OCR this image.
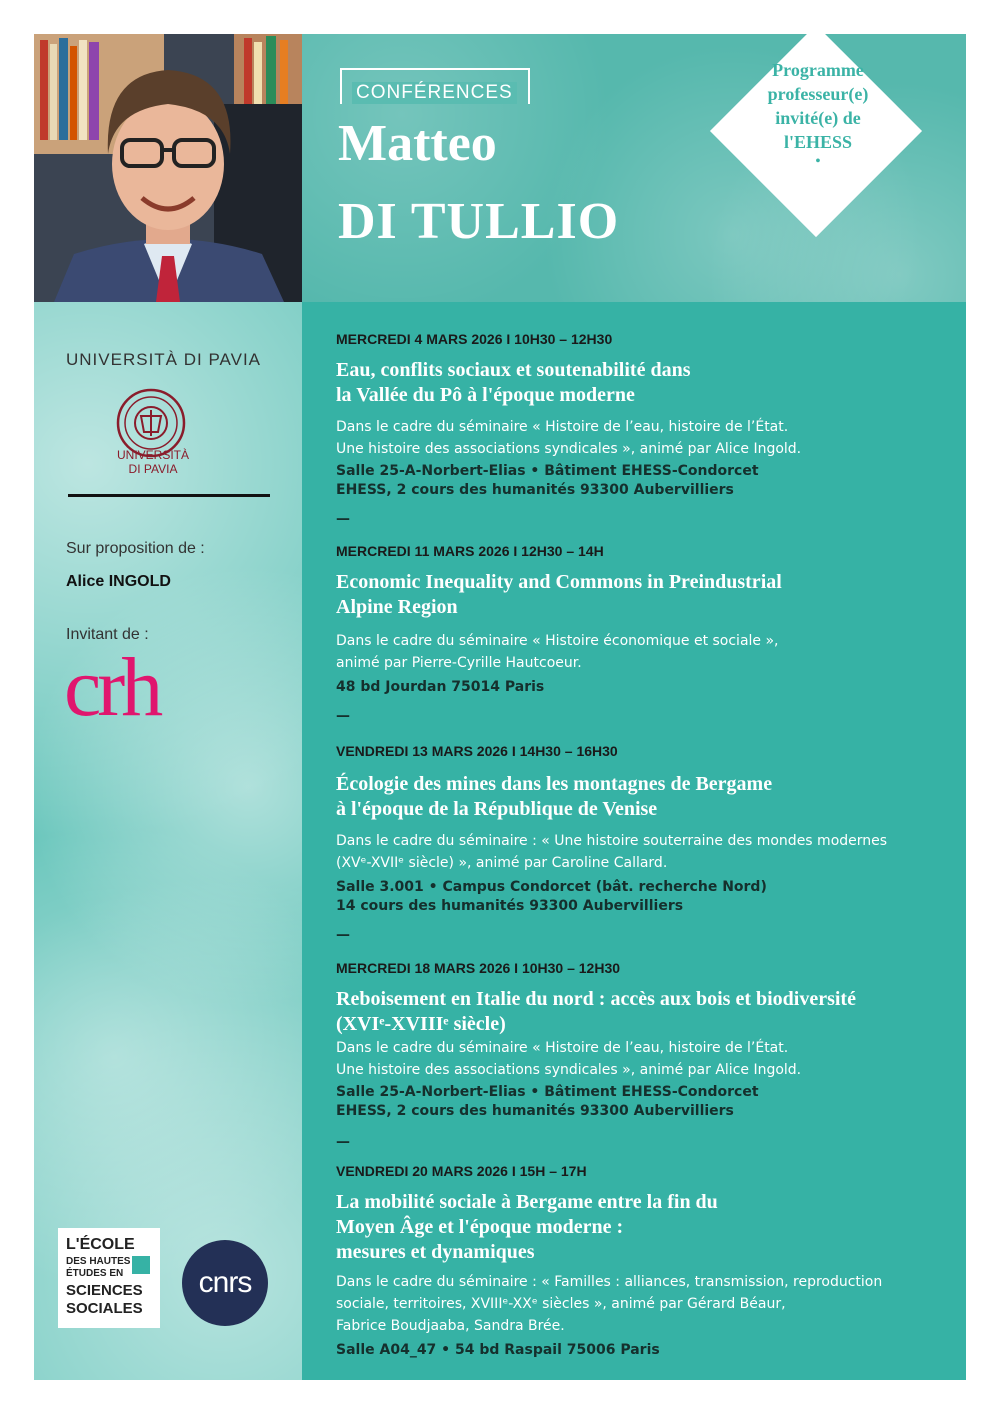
CONFÉRENCES
Matteo
DI TULLIO
Programme
professeur(e)
invité(e) de
l'EHESS
•
UNIVERSITÀ DI PAVIA
UNIVERSITÀ
DI PAVIA
Sur proposition de :
Alice INGOLD
Invitant de :
crh
L'ÉCOLE
DES HAUTES
ÉTUDES EN
SCIENCES
SOCIALES
cnrs

MERCREDI 4 MARS 2026 I 10H30 – 12H30

Eau, conflits sociaux et soutenabilité dans
la Vallée du Pô à l'époque moderne

Dans le cadre du séminaire « Histoire de l’eau, histoire de l’État.
Une histoire des associations syndicales », animé par Alice Ingold.

Salle 25-A-Norbert-Elias • Bâtiment EHESS-Condorcet
EHESS, 2 cours des humanités 93300 Aubervilliers

—

MERCREDI 11 MARS 2026 I 12H30 – 14H

Economic Inequality and Commons in Preindustrial
Alpine Region

Dans le cadre du séminaire « Histoire économique et sociale »,
animé par Pierre-Cyrille Hautcoeur.

48 bd Jourdan 75014 Paris

—

VENDREDI 13 MARS 2026 I 14H30 – 16H30

Écologie des mines dans les montagnes de Bergame
à l'époque de la République de Venise

Dans le cadre du séminaire : « Une histoire souterraine des mondes modernes
(XVᵉ-XVIIᵉ siècle) », animé par Caroline Callard.

Salle 3.001 • Campus Condorcet (bât. recherche Nord)
14 cours des humanités 93300 Aubervilliers

—

MERCREDI 18 MARS 2026 I 10H30 – 12H30

Reboisement en Italie du nord : accès aux bois et biodiversité
(XVIᵉ-XVIIIᵉ siècle)

Dans le cadre du séminaire « Histoire de l’eau, histoire de l’État.
Une histoire des associations syndicales », animé par Alice Ingold.

Salle 25-A-Norbert-Elias • Bâtiment EHESS-Condorcet
EHESS, 2 cours des humanités 93300 Aubervilliers

—

VENDREDI 20 MARS 2026 I 15H – 17H

La mobilité sociale à Bergame entre la fin du
Moyen Âge et l'époque moderne :
mesures et dynamiques

Dans le cadre du séminaire : « Familles : alliances, transmission, reproduction
sociale, territoires, XVIIIᵉ-XXᵉ siècles », animé par Gérard Béaur,
Fabrice Boudjaaba, Sandra Brée.

Salle A04_47 • 54 bd Raspail 75006 Paris
